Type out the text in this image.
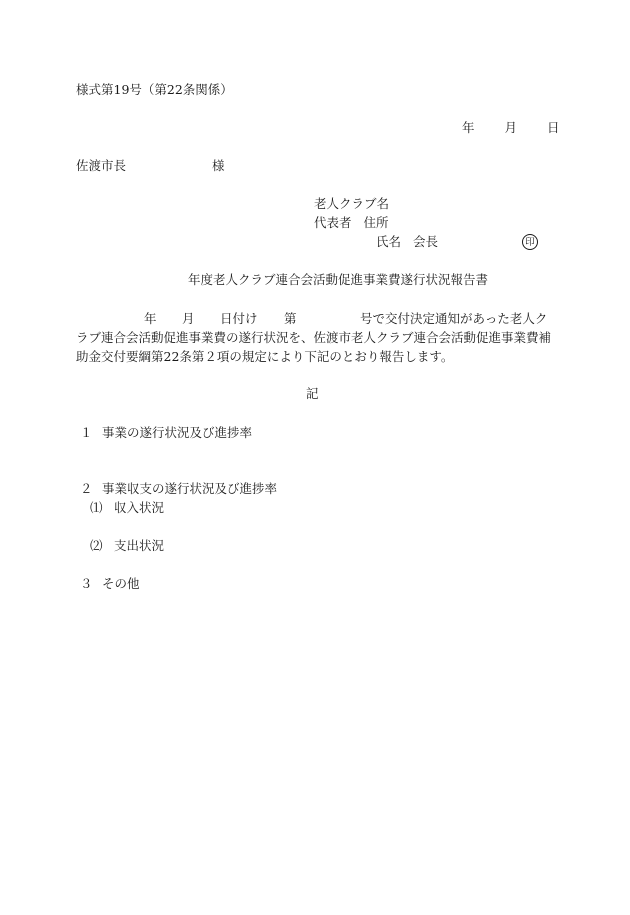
様式第19号（第22条関係）
年 月 日
佐渡市長	様
老人クラブ名
代表者 住所
氏名 会長	印
年度老人クラブ連合会活動促進事業費遂行状況報告書
年 月 日付け 第	号で交付決定通知があった老人ク
ラブ連合会活動促進事業費の遂行状況を、佐渡市老人クラブ連合会活動促進事業費補
助金交付要綱第22条第２項の規定により下記のとおり報告します。
記
１ 事業の遂行状況及び進捗率
２ 事業収支の遂行状況及び進捗率
⑴ 収入状況
⑵ 支出状況
３ その他
